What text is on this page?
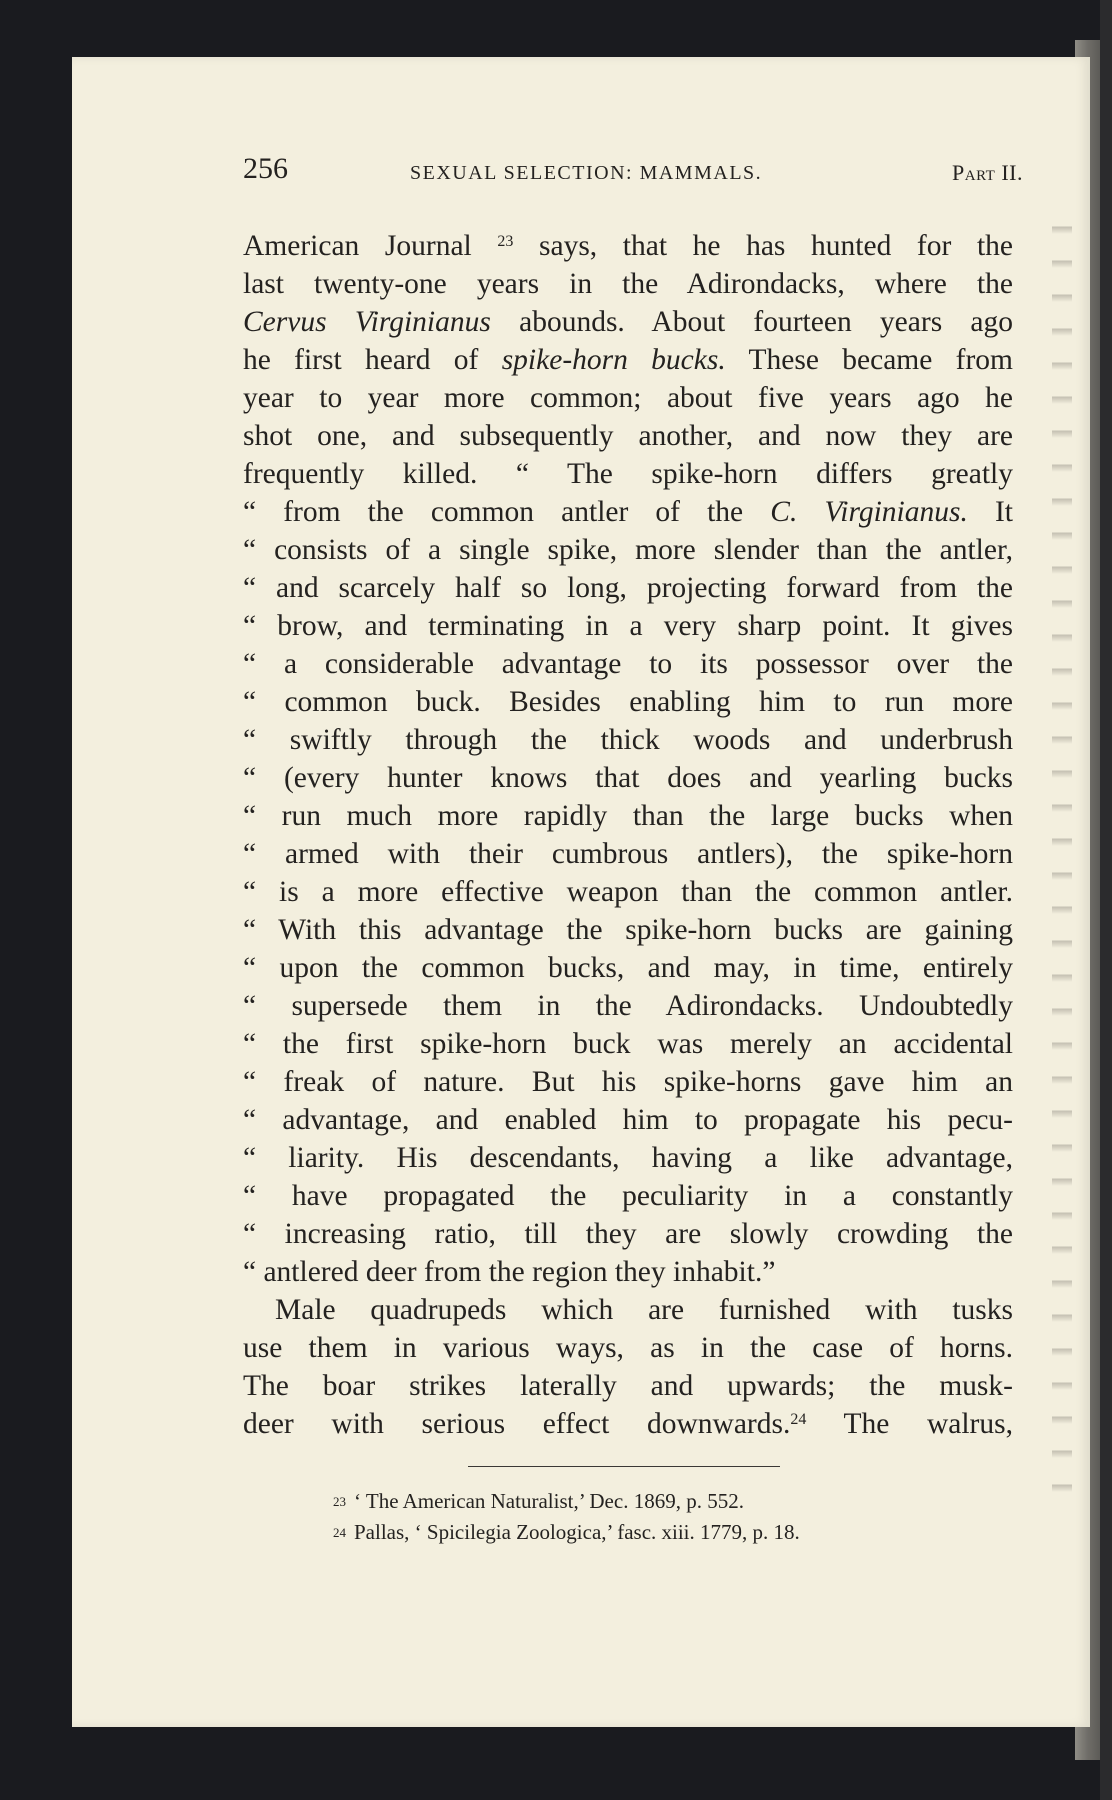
256	SEXUAL SELECTION: MAMMALS.	Part II.
American Journal $^{23}$ says, that he has hunted for the
last twenty-one years in the Adirondacks, where the
Cervus Virginianus abounds. About fourteen years ago
he first heard of spike-horn bucks. These became from
year to year more common; about five years ago he
shot one, and subsequently another, and now they are
frequently killed. “ The spike-horn differs greatly
“ from the common antler of the C. Virginianus. It
“ consists of a single spike, more slender than the antler,
“ and scarcely half so long, projecting forward from the
“ brow, and terminating in a very sharp point. It gives
“ a considerable advantage to its possessor over the
“ common buck. Besides enabling him to run more
“ swiftly through the thick woods and underbrush
“ (every hunter knows that does and yearling bucks
“ run much more rapidly than the large bucks when
“ armed with their cumbrous antlers), the spike-horn
“ is a more effective weapon than the common antler.
“ With this advantage the spike-horn bucks are gaining
“ upon the common bucks, and may, in time, entirely
“ supersede them in the Adirondacks. Undoubtedly
“ the first spike-horn buck was merely an accidental
“ freak of nature. But his spike-horns gave him an
“ advantage, and enabled him to propagate his pecu-
“ liarity. His descendants, having a like advantage,
“ have propagated the peculiarity in a constantly
“ increasing ratio, till they are slowly crowding the
“ antlered deer from the region they inhabit.”
Male quadrupeds which are furnished with tusks
use them in various ways, as in the case of horns.
The boar strikes laterally and upwards; the musk-
deer with serious effect downwards.$^{24}$ The walrus,
$^{23}$ ‘ The American Naturalist,’ Dec. 1869, p. 552.
$^{24}$ Pallas, ‘ Spicilegia Zoologica,’ fasc. xiii. 1779, p. 18.
